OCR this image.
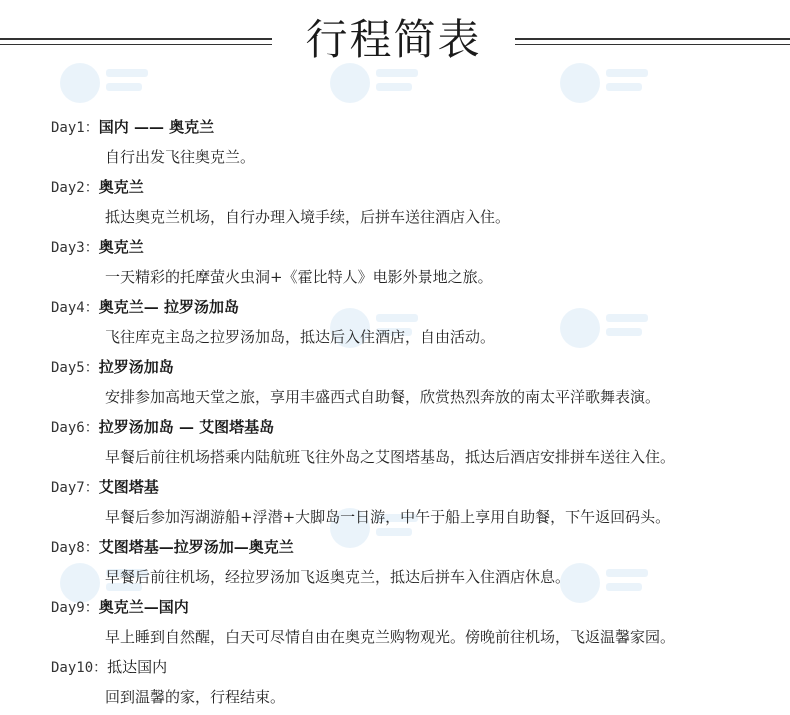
行程简表
Day1：国内 —— 奥克兰
自行出发飞往奥克兰。
Day2：奥克兰
抵达奥克兰机场，自行办理入境手续，后拼车送往酒店入住。
Day3：奥克兰
一天精彩的托摩萤火虫洞+《霍比特人》电影外景地之旅。
Day4：奥克兰— 拉罗汤加岛
飞往库克主岛之拉罗汤加岛，抵达后入住酒店，自由活动。
Day5：拉罗汤加岛
安排参加高地天堂之旅，享用丰盛西式自助餐，欣赏热烈奔放的南太平洋歌舞表演。
Day6：拉罗汤加岛 — 艾图塔基岛
早餐后前往机场搭乘内陆航班飞往外岛之艾图塔基岛，抵达后酒店安排拼车送往入住。
Day7：艾图塔基
早餐后参加泻湖游船+浮潜+大脚岛一日游，中午于船上享用自助餐，下午返回码头。
Day8：艾图塔基—拉罗汤加—奥克兰
早餐后前往机场，经拉罗汤加飞返奥克兰，抵达后拼车入住酒店休息。
Day9：奥克兰—国内
早上睡到自然醒，白天可尽情自由在奥克兰购物观光。傍晚前往机场，飞返温馨家园。
Day10：抵达国内
回到温馨的家，行程结束。
